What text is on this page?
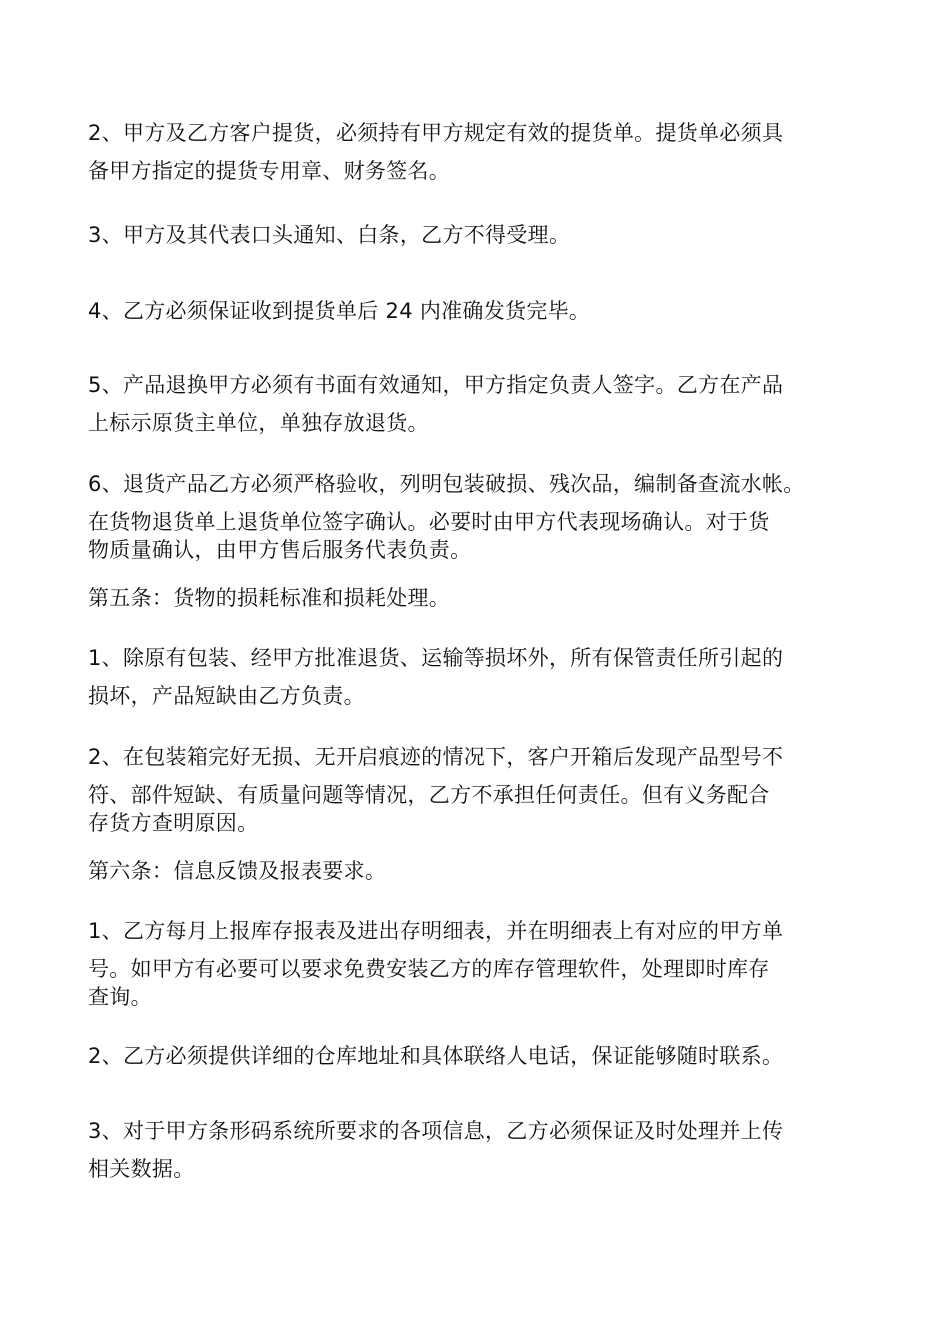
2、甲方及乙方客户提货，必须持有甲方规定有效的提货单。提货单必须具
备甲方指定的提货专用章、财务签名。
3、甲方及其代表口头通知、白条，乙方不得受理。
4、乙方必须保证收到提货单后 24 内准确发货完毕。
5、产品退换甲方必须有书面有效通知，甲方指定负责人签字。乙方在产品
上标示原货主单位，单独存放退货。
6、退货产品乙方必须严格验收，列明包装破损、残次品，编制备查流水帐。
在货物退货单上退货单位签字确认。必要时由甲方代表现场确认。对于货
物质量确认，由甲方售后服务代表负责。
第五条：货物的损耗标准和损耗处理。
1、除原有包装、经甲方批准退货、运输等损坏外，所有保管责任所引起的
损坏，产品短缺由乙方负责。
2、在包装箱完好无损、无开启痕迹的情况下，客户开箱后发现产品型号不
符、部件短缺、有质量问题等情况，乙方不承担任何责任。但有义务配合
存货方查明原因。
第六条：信息反馈及报表要求。
1、乙方每月上报库存报表及进出存明细表，并在明细表上有对应的甲方单
号。如甲方有必要可以要求免费安装乙方的库存管理软件，处理即时库存
查询。
2、乙方必须提供详细的仓库地址和具体联络人电话，保证能够随时联系。
3、对于甲方条形码系统所要求的各项信息，乙方必须保证及时处理并上传
相关数据。
